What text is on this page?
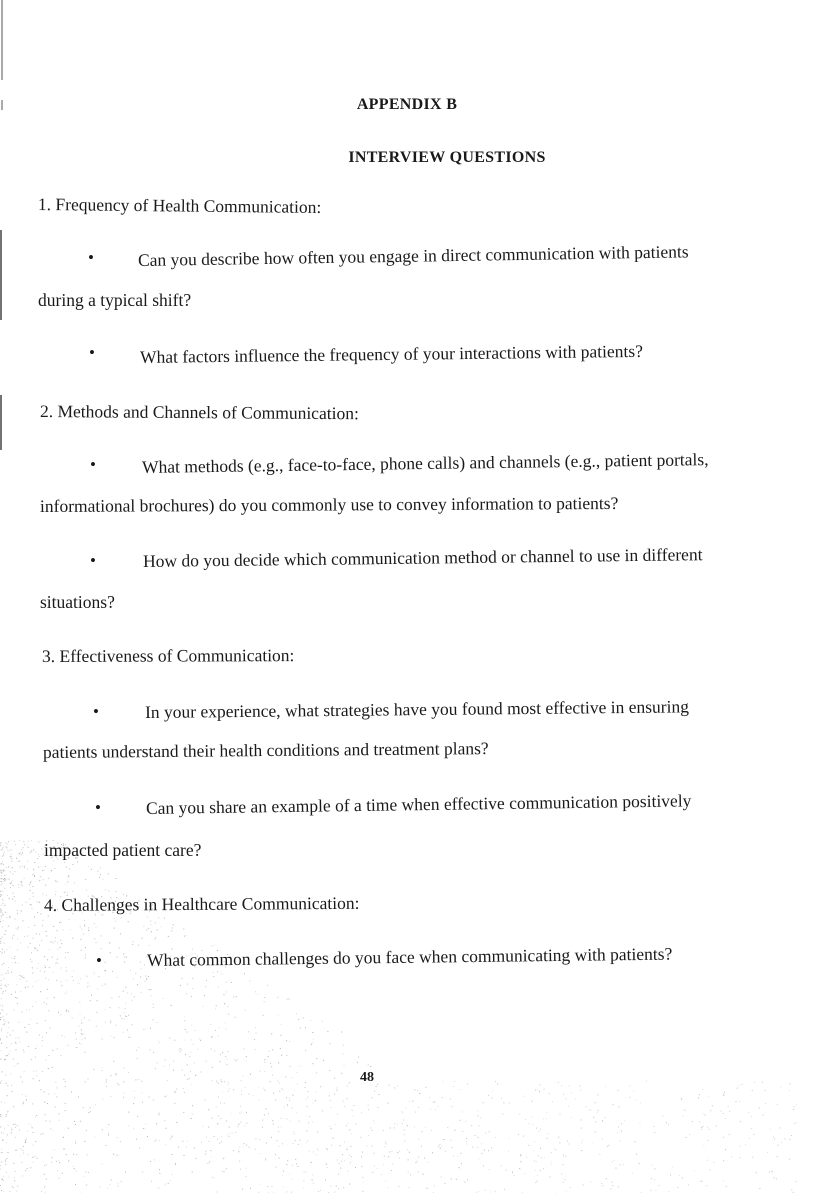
APPENDIX B
INTERVIEW QUESTIONS
1. Frequency of Health Communication:
•	Can you describe how often you engage in direct communication with patients
during a typical shift?
•	What factors influence the frequency of your interactions with patients?
2. Methods and Channels of Communication:
•	What methods (e.g., face-to-face, phone calls) and channels (e.g., patient portals,
informational brochures) do you commonly use to convey information to patients?
•	How do you decide which communication method or channel to use in different
situations?
3. Effectiveness of Communication:
•	In your experience, what strategies have you found most effective in ensuring
patients understand their health conditions and treatment plans?
•	Can you share an example of a time when effective communication positively
impacted patient care?
4. Challenges in Healthcare Communication:
•	What common challenges do you face when communicating with patients?
48
